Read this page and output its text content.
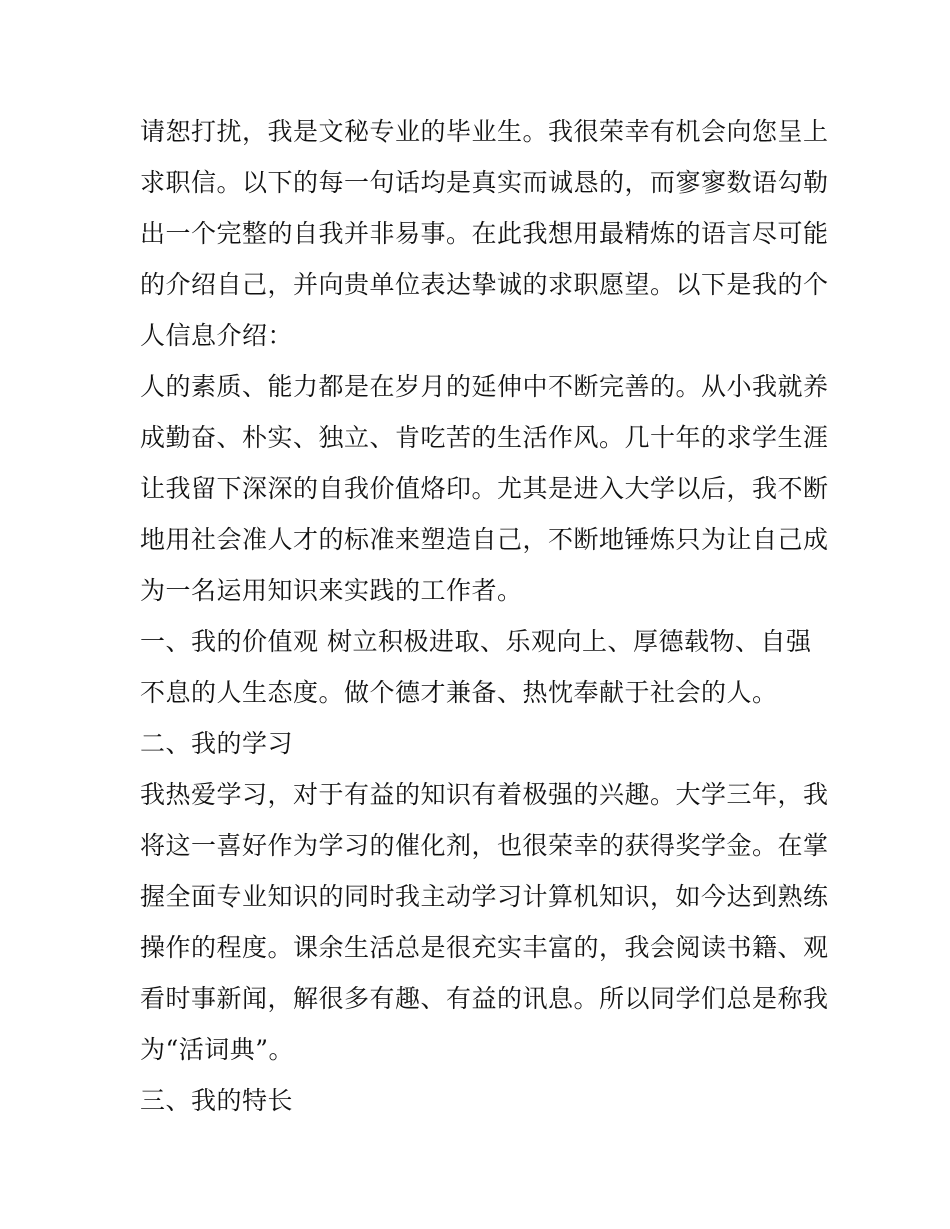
请恕打扰，我是文秘专业的毕业生。我很荣幸有机会向您呈上
求职信。以下的每一句话均是真实而诚恳的，而寥寥数语勾勒
出一个完整的自我并非易事。在此我想用最精炼的语言尽可能
的介绍自己，并向贵单位表达挚诚的求职愿望。以下是我的个
人信息介绍：
人的素质、能力都是在岁月的延伸中不断完善的。从小我就养
成勤奋、朴实、独立、肯吃苦的生活作风。几十年的求学生涯
让我留下深深的自我价值烙印。尤其是进入大学以后，我不断
地用社会准人才的标准来塑造自己，不断地锤炼只为让自己成
为一名运用知识来实践的工作者。
一、我的价值观 树立积极进取、乐观向上、厚德载物、自强
不息的人生态度。做个德才兼备、热忱奉献于社会的人。
二、我的学习
我热爱学习，对于有益的知识有着极强的兴趣。大学三年，我
将这一喜好作为学习的催化剂，也很荣幸的获得奖学金。在掌
握全面专业知识的同时我主动学习计算机知识，如今达到熟练
操作的程度。课余生活总是很充实丰富的，我会阅读书籍、观
看时事新闻，解很多有趣、有益的讯息。所以同学们总是称我
为“活词典”。
三、我的特长
